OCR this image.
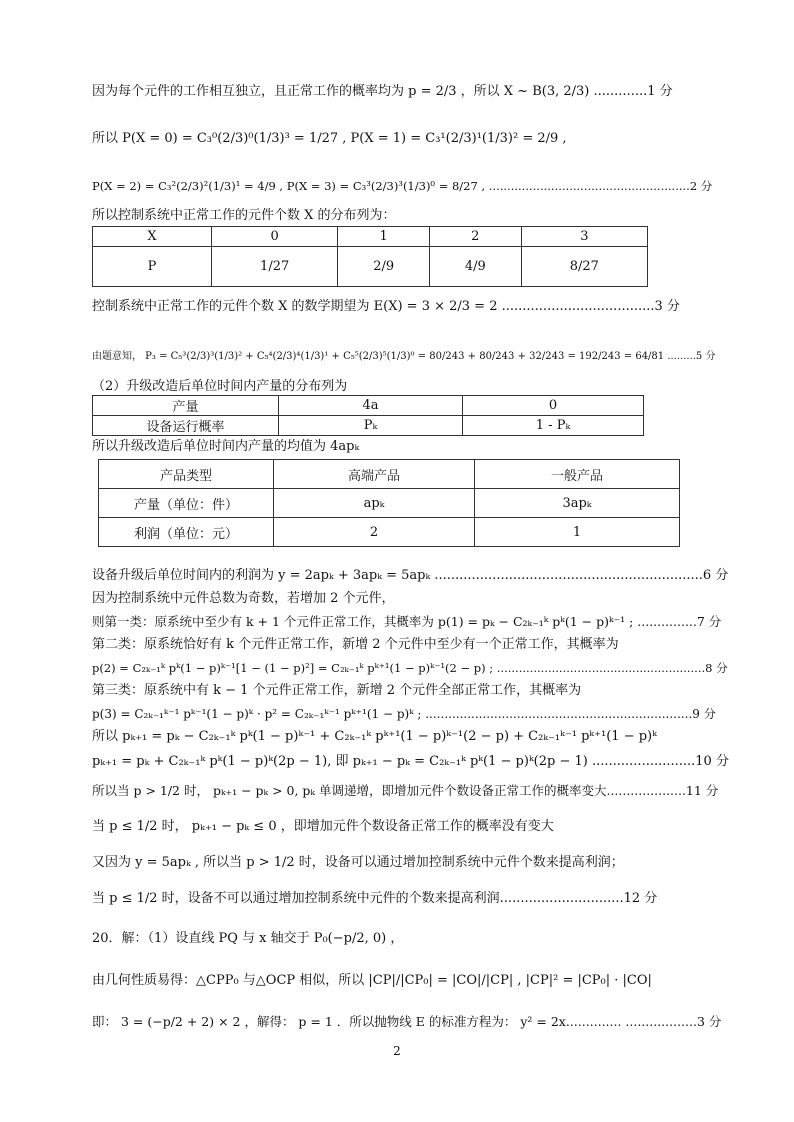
因为每个元件的工作相互独立，且正常工作的概率均为 p = 2/3 ，所以 X ~ B(3, 2/3) .............1 分
所以 P(X = 0) = C₃⁰(2/3)⁰(1/3)³ = 1/27 , P(X = 1) = C₃¹(2/3)¹(1/3)² = 2/9 ,
P(X = 2) = C₃²(2/3)²(1/3)¹ = 4/9 , P(X = 3) = C₃³(2/3)³(1/3)⁰ = 8/27 , .......................................................2 分
所以控制系统中正常工作的元件个数 X 的分布列为：
X	0	1	2	3
P	1/27	2/9	4/9	8/27
控制系统中正常工作的元件个数 X 的数学期望为 E(X) = 3 × 2/3 = 2 .....................................3 分
由题意知， P₃ = C₅³(2/3)³(1/3)² + C₅⁴(2/3)⁴(1/3)¹ + C₅⁵(2/3)⁵(1/3)⁰ = 80/243 + 80/243 + 32/243 = 192/243 = 64/81 .........5 分
（2）升级改造后单位时间内产量的分布列为
产量	4a	0
设备运行概率	Pₖ	1 - Pₖ
所以升级改造后单位时间内产量的均值为 4apₖ
产品类型	高端产品	一般产品
产量（单位：件）	apₖ	3apₖ
利润（单位：元）	2	1
设备升级后单位时间内的利润为 y = 2apₖ + 3apₖ = 5apₖ .................................................................6 分
因为控制系统中元件总数为奇数，若增加 2 个元件，
则第一类：原系统中至少有 k + 1 个元件正常工作，其概率为 p(1) = pₖ − C₂ₖ₋₁ᵏ pᵏ(1 − p)ᵏ⁻¹ ; ...............7 分
第二类：原系统恰好有 k 个元件正常工作，新增 2 个元件中至少有一个正常工作，其概率为
p(2) = C₂ₖ₋₁ᵏ pᵏ(1 − p)ᵏ⁻¹[1 − (1 − p)²] = C₂ₖ₋₁ᵏ pᵏ⁺¹(1 − p)ᵏ⁻¹(2 − p) ; .........................................................8 分
第三类：原系统中有 k − 1 个元件正常工作，新增 2 个元件全部正常工作，其概率为
p(3) = C₂ₖ₋₁ᵏ⁻¹ pᵏ⁻¹(1 − p)ᵏ · p² = C₂ₖ₋₁ᵏ⁻¹ pᵏ⁺¹(1 − p)ᵏ ; ......................................................................9 分
所以 pₖ₊₁ = pₖ − C₂ₖ₋₁ᵏ pᵏ(1 − p)ᵏ⁻¹ + C₂ₖ₋₁ᵏ pᵏ⁺¹(1 − p)ᵏ⁻¹(2 − p) + C₂ₖ₋₁ᵏ⁻¹ pᵏ⁺¹(1 − p)ᵏ
pₖ₊₁ = pₖ + C₂ₖ₋₁ᵏ pᵏ(1 − p)ᵏ(2p − 1), 即 pₖ₊₁ − pₖ = C₂ₖ₋₁ᵏ pᵏ(1 − p)ᵏ(2p − 1) .........................10 分
所以当 p > 1/2 时， pₖ₊₁ − pₖ > 0, pₖ 单调递增，即增加元件个数设备正常工作的概率变大....................11 分
当 p ≤ 1/2 时， pₖ₊₁ − pₖ ≤ 0 ，即增加元件个数设备正常工作的概率没有变大
又因为 y = 5apₖ , 所以当 p > 1/2 时，设备可以通过增加控制系统中元件个数来提高利润；
当 p ≤ 1/2 时，设备不可以通过增加控制系统中元件的个数来提高利润..............................12 分
20．解：（1）设直线 PQ 与 x 轴交于 P₀(−p/2, 0) ，
由几何性质易得：△CPP₀ 与△OCP 相似，所以 |CP|/|CP₀| = |CO|/|CP| , |CP|² = |CP₀| · |CO|
即： 3 = (−p/2 + 2) × 2 ，解得： p = 1 ．所以抛物线 E 的标准方程为： y² = 2x.............. ..................3 分
2
